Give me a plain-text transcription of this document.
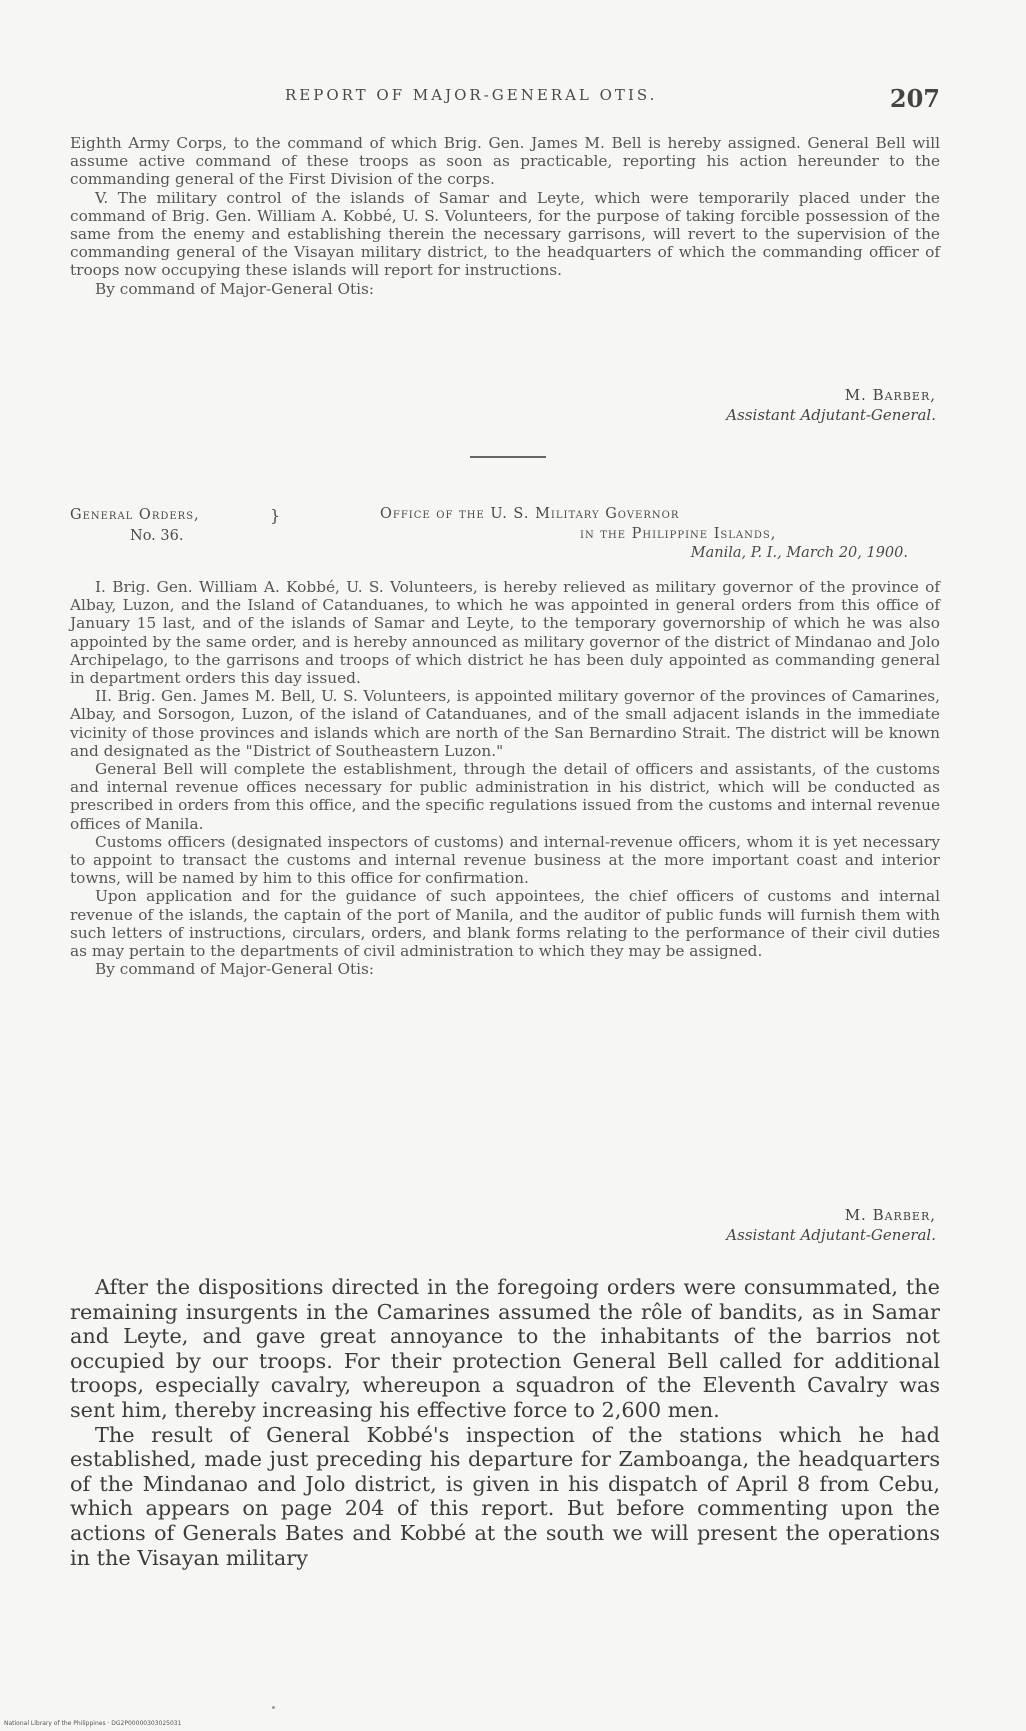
REPORT OF MAJOR-GENERAL OTIS.	207

Eighth Army Corps, to the command of which Brig. Gen. James M. Bell is hereby assigned. General Bell will assume active command of these troops as soon as practicable, reporting his action hereunder to the commanding general of the First Division of the corps.

V. The military control of the islands of Samar and Leyte, which were temporarily placed under the command of Brig. Gen. William A. Kobbé, U. S. Volunteers, for the purpose of taking forcible possession of the same from the enemy and establishing therein the necessary garrisons, will revert to the supervision of the commanding general of the Visayan military district, to the headquarters of which the commanding officer of troops now occupying these islands will report for instructions.

By command of Major-General Otis:

M. Barber,
Assistant Adjutant-General.
General Orders,
No. 36.
}	Office of the U. S. Military Governor
in the Philippine Islands,
Manila, P. I., March 20, 1900.

I. Brig. Gen. William A. Kobbé, U. S. Volunteers, is hereby relieved as military governor of the province of Albay, Luzon, and the Island of Catanduanes, to which he was appointed in general orders from this office of January 15 last, and of the islands of Samar and Leyte, to the temporary governorship of which he was also appointed by the same order, and is hereby announced as military governor of the district of Mindanao and Jolo Archipelago, to the garrisons and troops of which district he has been duly appointed as commanding general in department orders this day issued.

II. Brig. Gen. James M. Bell, U. S. Volunteers, is appointed military governor of the provinces of Camarines, Albay, and Sorsogon, Luzon, of the island of Catanduanes, and of the small adjacent islands in the immediate vicinity of those provinces and islands which are north of the San Bernardino Strait. The district will be known and designated as the "District of Southeastern Luzon."

General Bell will complete the establishment, through the detail of officers and assistants, of the customs and internal revenue offices necessary for public administration in his district, which will be conducted as prescribed in orders from this office, and the specific regulations issued from the customs and internal revenue offices of Manila.

Customs officers (designated inspectors of customs) and internal-revenue officers, whom it is yet necessary to appoint to transact the customs and internal revenue business at the more important coast and interior towns, will be named by him to this office for confirmation.

Upon application and for the guidance of such appointees, the chief officers of customs and internal revenue of the islands, the captain of the port of Manila, and the auditor of public funds will furnish them with such letters of instructions, circulars, orders, and blank forms relating to the performance of their civil duties as may pertain to the departments of civil administration to which they may be assigned.

By command of Major-General Otis:

M. Barber,
Assistant Adjutant-General.

After the dispositions directed in the foregoing orders were consummated, the remaining insurgents in the Camarines assumed the rôle of bandits, as in Samar and Leyte, and gave great annoyance to the inhabitants of the barrios not occupied by our troops. For their protection General Bell called for additional troops, especially cavalry, whereupon a squadron of the Eleventh Cavalry was sent him, thereby increasing his effective force to 2,600 men.

The result of General Kobbé's inspection of the stations which he had established, made just preceding his departure for Zamboanga, the headquarters of the Mindanao and Jolo district, is given in his dispatch of April 8 from Cebu, which appears on page 204 of this report. But before commenting upon the actions of Generals Bates and Kobbé at the south we will present the operations in the Visayan military

National Library of the Philippines · DG2P00000303025031
